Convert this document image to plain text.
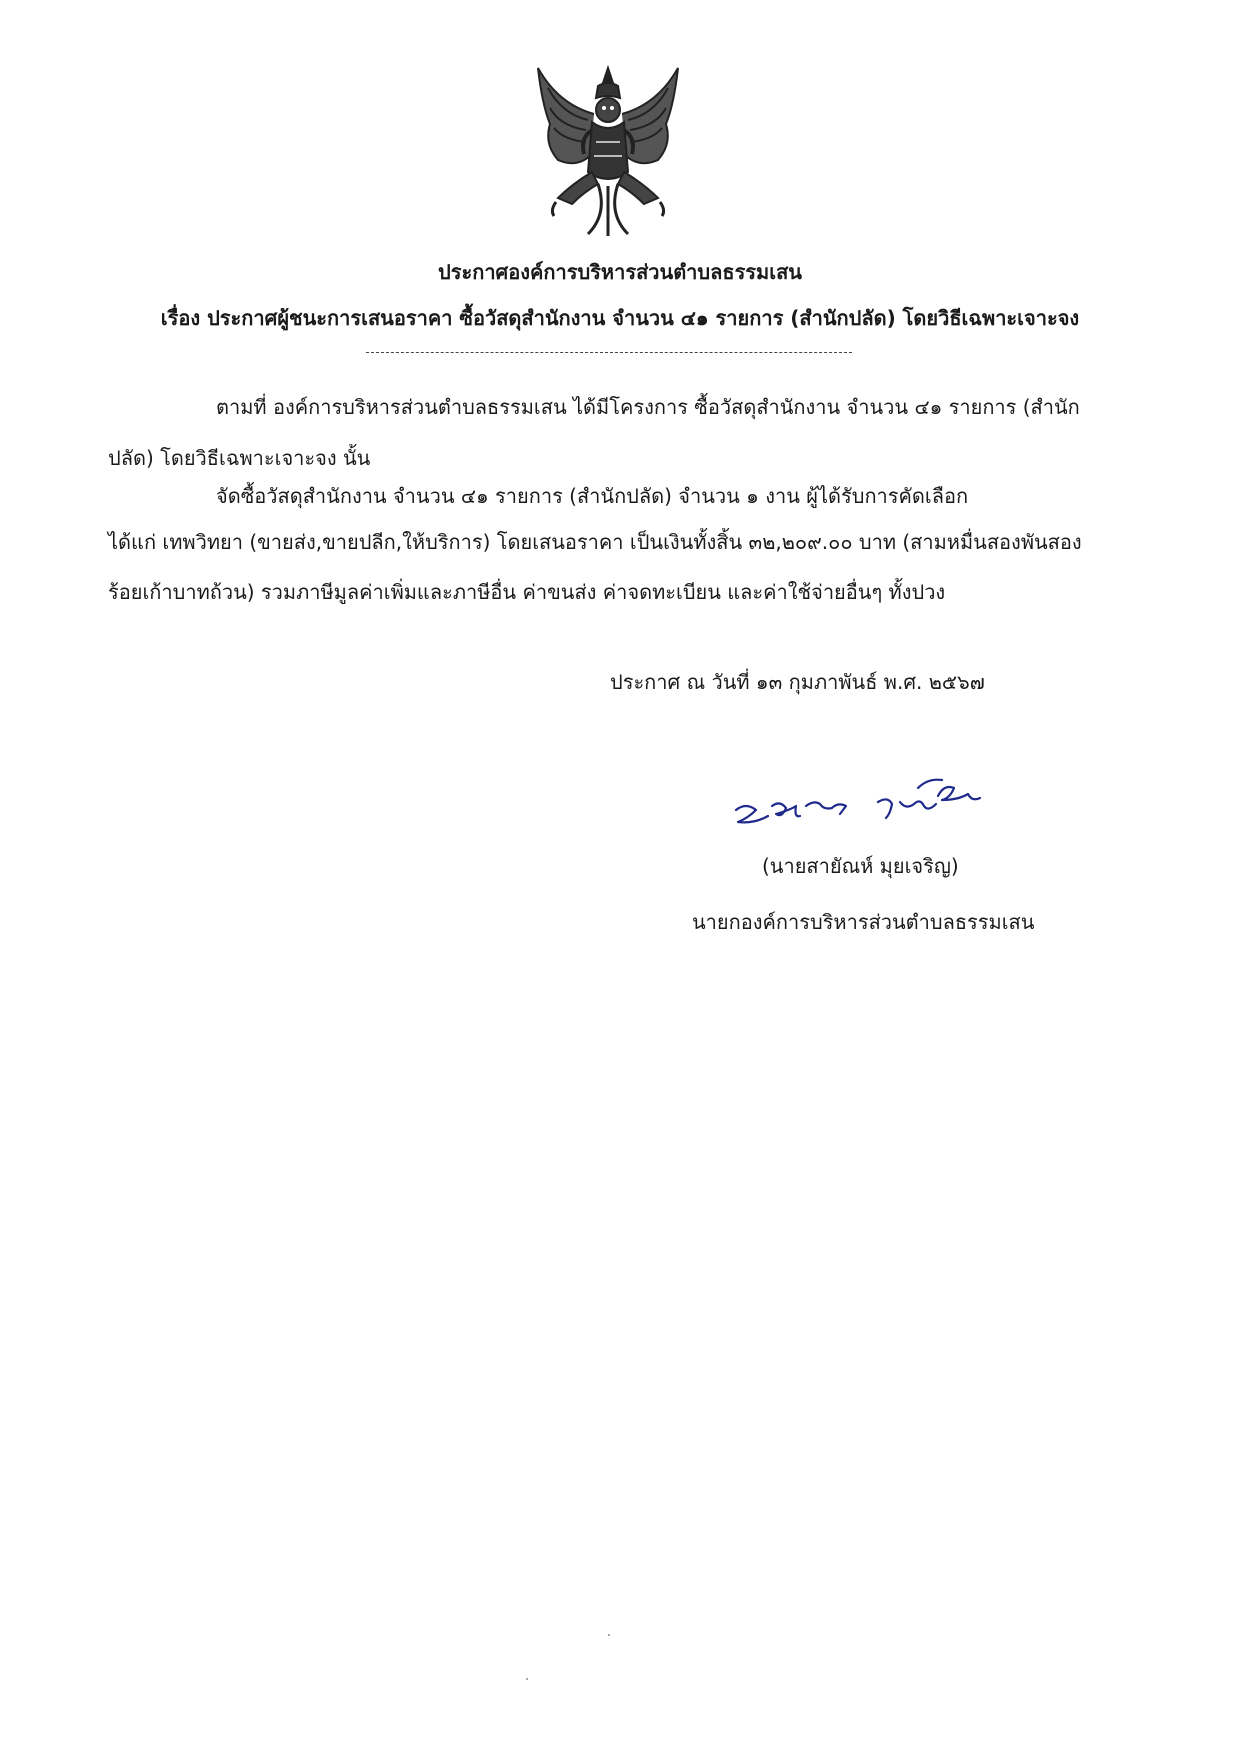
ประกาศองค์การบริหารส่วนตำบลธรรมเสน
เรื่อง ประกาศผู้ชนะการเสนอราคา ซื้อวัสดุสำนักงาน จำนวน ๔๑ รายการ (สำนักปลัด) โดยวิธีเฉพาะเจาะจง
ตามที่ องค์การบริหารส่วนตำบลธรรมเสน ได้มีโครงการ ซื้อวัสดุสำนักงาน จำนวน ๔๑ รายการ (สำนัก
ปลัด) โดยวิธีเฉพาะเจาะจง นั้น
จัดซื้อวัสดุสำนักงาน จำนวน ๔๑ รายการ (สำนักปลัด) จำนวน ๑ งาน ผู้ได้รับการคัดเลือก
ได้แก่ เทพวิทยา (ขายส่ง,ขายปลีก,ให้บริการ) โดยเสนอราคา เป็นเงินทั้งสิ้น ๓๒,๒๐๙.๐๐ บาท (สามหมื่นสองพันสอง
ร้อยเก้าบาทถ้วน) รวมภาษีมูลค่าเพิ่มและภาษีอื่น ค่าขนส่ง ค่าจดทะเบียน และค่าใช้จ่ายอื่นๆ ทั้งปวง
ประกาศ ณ วันที่ ๑๓ กุมภาพันธ์ พ.ศ. ๒๕๖๗
(นายสายัณห์ มุยเจริญ)
นายกองค์การบริหารส่วนตำบลธรรมเสน
